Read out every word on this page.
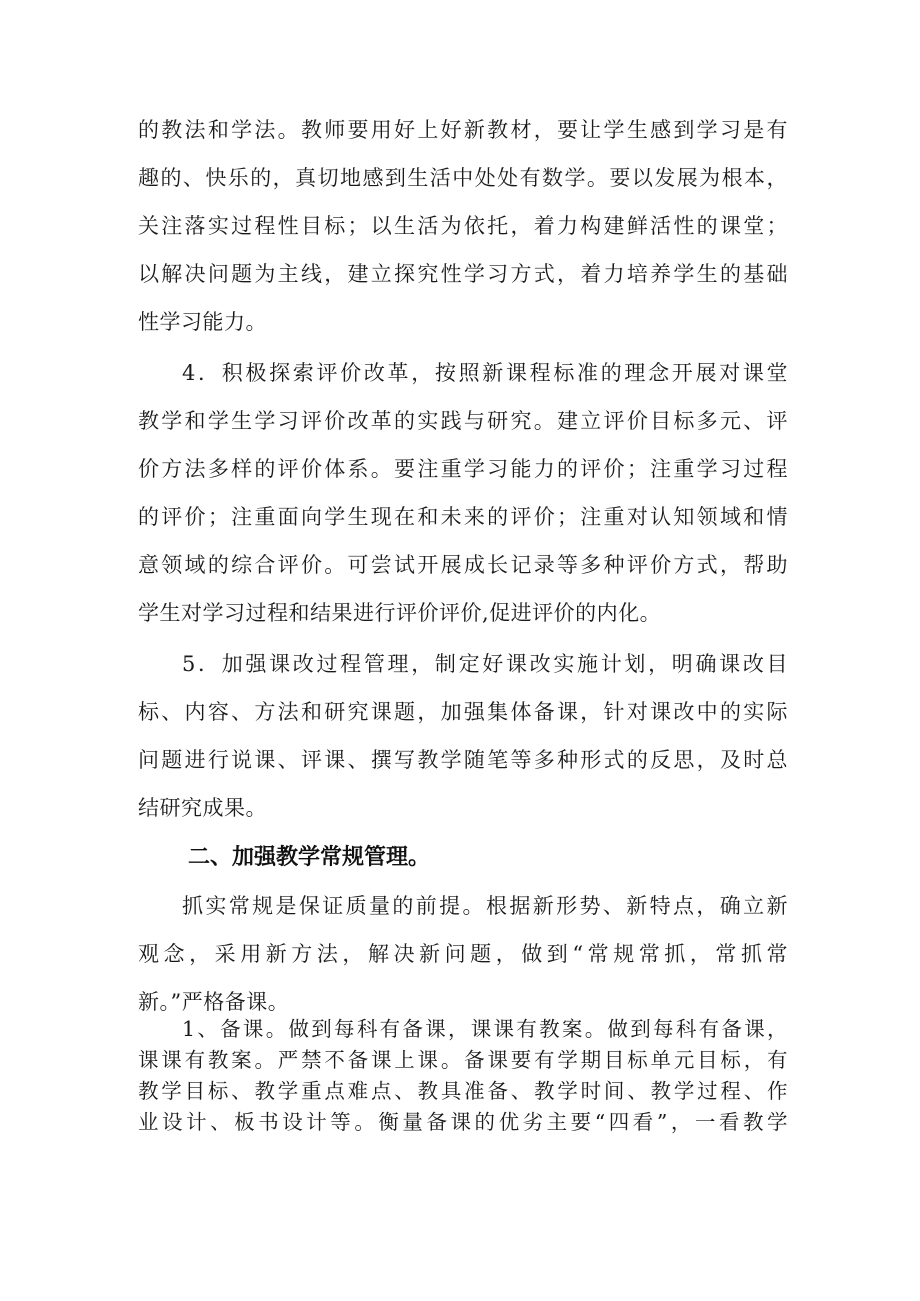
的教法和学法。教师要用好上好新教材，要让学生感到学习是有
趣的、快乐的，真切地感到生活中处处有数学。要以发展为根本，
关注落实过程性目标；以生活为依托，着力构建鲜活性的课堂；
以解决问题为主线，建立探究性学习方式，着力培养学生的基础
性学习能力。
4．积极探索评价改革，按照新课程标准的理念开展对课堂
教学和学生学习评价改革的实践与研究。建立评价目标多元、评
价方法多样的评价体系。要注重学习能力的评价；注重学习过程
的评价；注重面向学生现在和未来的评价；注重对认知领域和情
意领域的综合评价。可尝试开展成长记录等多种评价方式，帮助
学生对学习过程和结果进行评价评价,促进评价的内化。
5．加强课改过程管理，制定好课改实施计划，明确课改目
标、内容、方法和研究课题，加强集体备课，针对课改中的实际
问题进行说课、评课、撰写教学随笔等多种形式的反思，及时总
结研究成果。
二、加强教学常规管理。
抓实常规是保证质量的前提。根据新形势、新特点，确立新
观念，采用新方法，解决新问题，做到“常规常抓，常抓常
新。”严格备课。
1、备课。做到每科有备课，课课有教案。做到每科有备课，
课课有教案。严禁不备课上课。备课要有学期目标单元目标，有
教学目标、教学重点难点、教具准备、教学时间、教学过程、作
业设计、板书设计等。衡量备课的优劣主要“四看”，一看教学
